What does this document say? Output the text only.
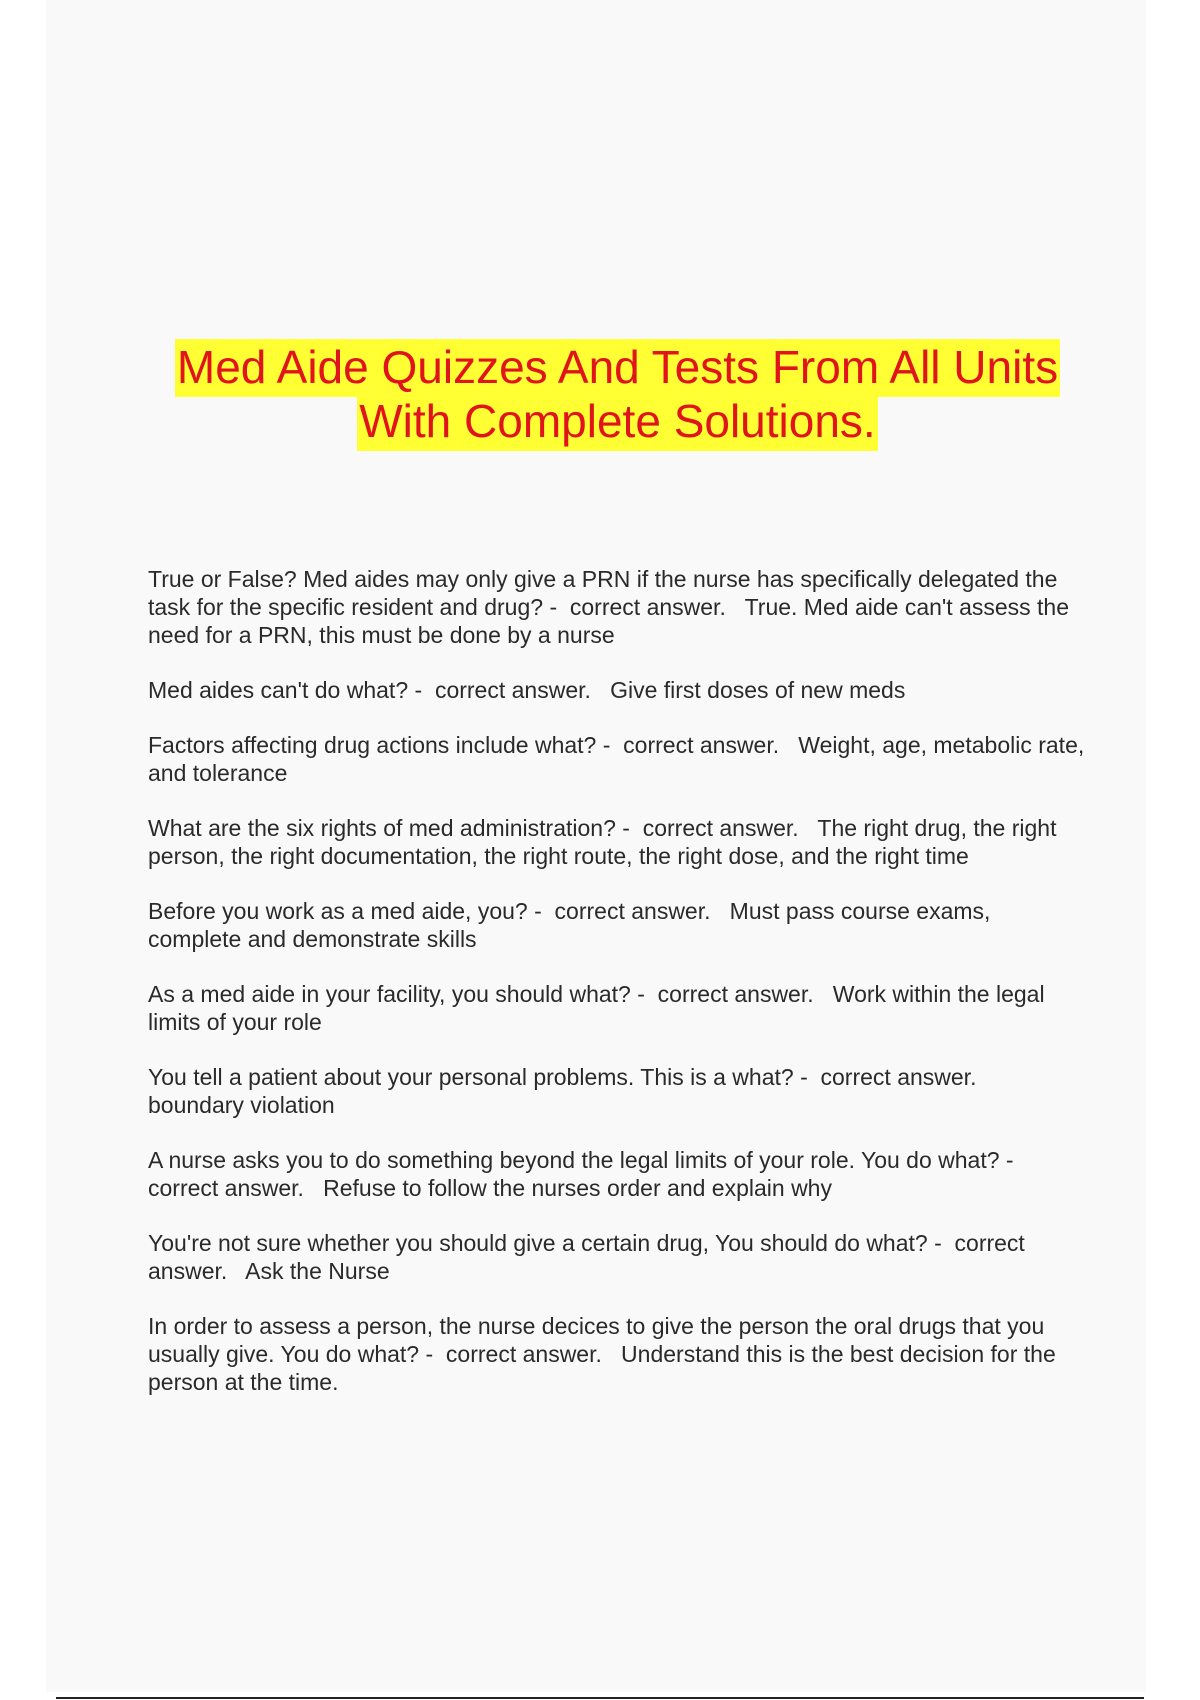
Med Aide Quizzes And Tests From All Units
With Complete Solutions.
True or False? Med aides may only give a PRN if the nurse has specifically delegated the task for the specific resident and drug? -  correct answer.   True. Med aide can't assess the need for a PRN, this must be done by a nurse
Med aides can't do what? -  correct answer.   Give first doses of new meds
Factors affecting drug actions include what? -  correct answer.   Weight, age, metabolic rate, and tolerance
What are the six rights of med administration? -  correct answer.   The right drug, the right person, the right documentation, the right route, the right dose, and the right time
Before you work as a med aide, you? -  correct answer.   Must pass course exams, complete and demonstrate skills
As a med aide in your facility, you should what? -  correct answer.   Work within the legal limits of your role
You tell a patient about your personal problems. This is a what? -  correct answer.   boundary violation
A nurse asks you to do something beyond the legal limits of your role. You do what? -  correct answer.   Refuse to follow the nurses order and explain why
You're not sure whether you should give a certain drug, You should do what? -  correct answer.   Ask the Nurse
In order to assess a person, the nurse decices to give the person the oral drugs that you usually give. You do what? -  correct answer.   Understand this is the best decision for the person at the time.
